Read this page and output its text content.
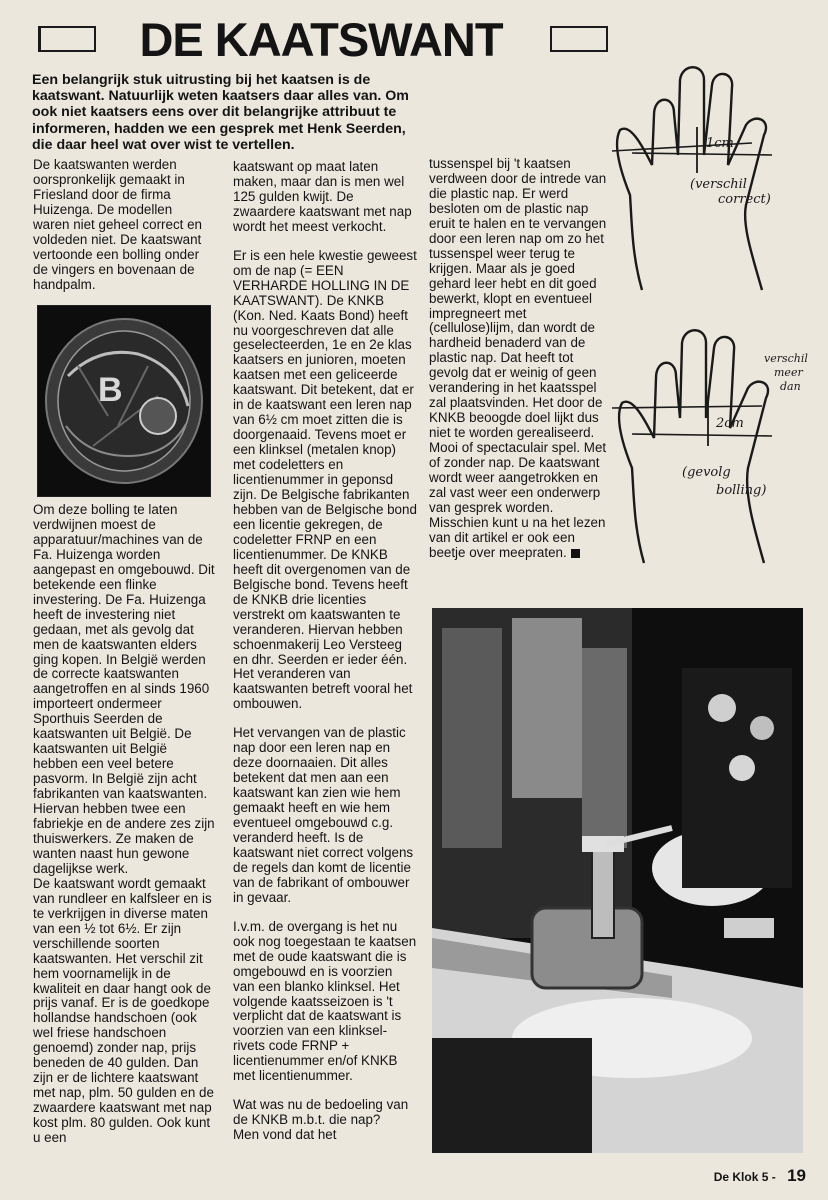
DE KAATSWANT
Een belangrijk stuk uitrusting bij het kaatsen is de kaatswant. Natuurlijk weten kaatsers daar alles van. Om ook niet kaatsers eens over dit belangrijke attribuut te informeren, hadden we een gesprek met Henk Seerden, die daar heel wat over wist te vertellen.

De kaatswanten werden oorspronkelijk gemaakt in Friesland door de firma Huizenga. De modellen waren niet geheel correct en voldeden niet. De kaatswant vertoonde een bolling onder de vingers en bovenaan de handpalm.

B

Om deze bolling te laten verdwijnen moest de apparatuur/machines van de Fa. Huizenga worden aangepast en omgebouwd. Dit betekende een flinke investering. De Fa. Huizenga heeft de investering niet gedaan, met als gevolg dat men de kaatswanten elders ging kopen. In België werden de correcte kaatswanten aangetroffen en al sinds 1960 importeert ondermeer Sporthuis Seerden de kaatswanten uit België. De kaatswanten uit België hebben een veel betere pasvorm. In België zijn acht fabrikanten van kaatswanten. Hiervan hebben twee een fabriekje en de andere zes zijn thuiswerkers. Ze maken de wanten naast hun gewone dagelijkse werk.

De kaatswant wordt gemaakt van rundleer en kalfsleer en is te verkrijgen in diverse maten van een ½ tot 6½. Er zijn verschillende soorten kaatswanten. Het verschil zit hem voornamelijk in de kwaliteit en daar hangt ook de prijs vanaf. Er is de goedkope hollandse handschoen (ook wel friese handschoen genoemd) zonder nap, prijs beneden de 40 gulden. Dan zijn er de lichtere kaatswant met nap, plm. 50 gulden en de zwaardere kaatswant met nap kost plm. 80 gulden. Ook kunt u een

kaatswant op maat laten maken, maar dan is men wel 125 gulden kwijt. De zwaardere kaatswant met nap wordt het meest verkocht.

Er is een hele kwestie geweest om de nap (= EEN VERHARDE HOLLING IN DE KAATSWANT). De KNKB (Kon. Ned. Kaats Bond) heeft nu voorgeschreven dat alle geselecteerden, 1e en 2e klas kaatsers en junioren, moeten kaatsen met een geliceerde kaatswant. Dit betekent, dat er in de kaatswant een leren nap van 6½ cm moet zitten die is doorgenaaid. Tevens moet er een klinksel (metalen knop) met codeletters en licentienummer in geponsd zijn. De Belgische fabrikanten hebben van de Belgische bond een licentie gekregen, de codeletter FRNP en een licentienummer. De KNKB heeft dit overgenomen van de Belgische bond. Tevens heeft de KNKB drie licenties verstrekt om kaatswanten te veranderen. Hiervan hebben schoenmakerij Leo Versteeg en dhr. Seerden er ieder één. Het veranderen van kaatswanten betreft vooral het ombouwen.

Het vervangen van de plastic nap door een leren nap en deze doornaaien. Dit alles betekent dat men aan een kaatswant kan zien wie hem gemaakt heeft en wie hem eventueel omgebouwd c.g. veranderd heeft. Is de kaatswant niet correct volgens de regels dan komt de licentie van de fabrikant of ombouwer in gevaar.

I.v.m. de overgang is het nu ook nog toegestaan te kaatsen met de oude kaatswant die is omgebouwd en is voorzien van een blanko klinksel. Het volgende kaatsseizoen is 't verplicht dat de kaatswant is voorzien van een klinksel-rivets code FRNP + licentienummer en/of KNKB met licentienummer.

Wat was nu de bedoeling van de KNKB m.b.t. die nap?

Men vond dat het

tussenspel bij 't kaatsen verdween door de intrede van die plastic nap. Er werd besloten om de plastic nap eruit te halen en te vervangen door een leren nap om zo het tussenspel weer terug te krijgen. Maar als je goed gehard leer hebt en dit goed bewerkt, klopt en eventueel impregneert met (cellulose)lijm, dan wordt de hardheid benaderd van de plastic nap. Dat heeft tot gevolg dat er weinig of geen verandering in het kaatsspel zal plaatsvinden. Het door de KNKB beoogde doel lijkt dus niet te worden gerealiseerd.

Mooi of spectaculair spel. Met of zonder nap. De kaatswant wordt weer aangetrokken en zal vast weer een onderwerp van gesprek worden. Misschien kunt u na het lezen van dit artikel er ook een beetje over meepraten.

1cm
(verschil
correct)
2cm
verschil
meer
dan
(gevolg
bolling)
De Klok 5 - 19
